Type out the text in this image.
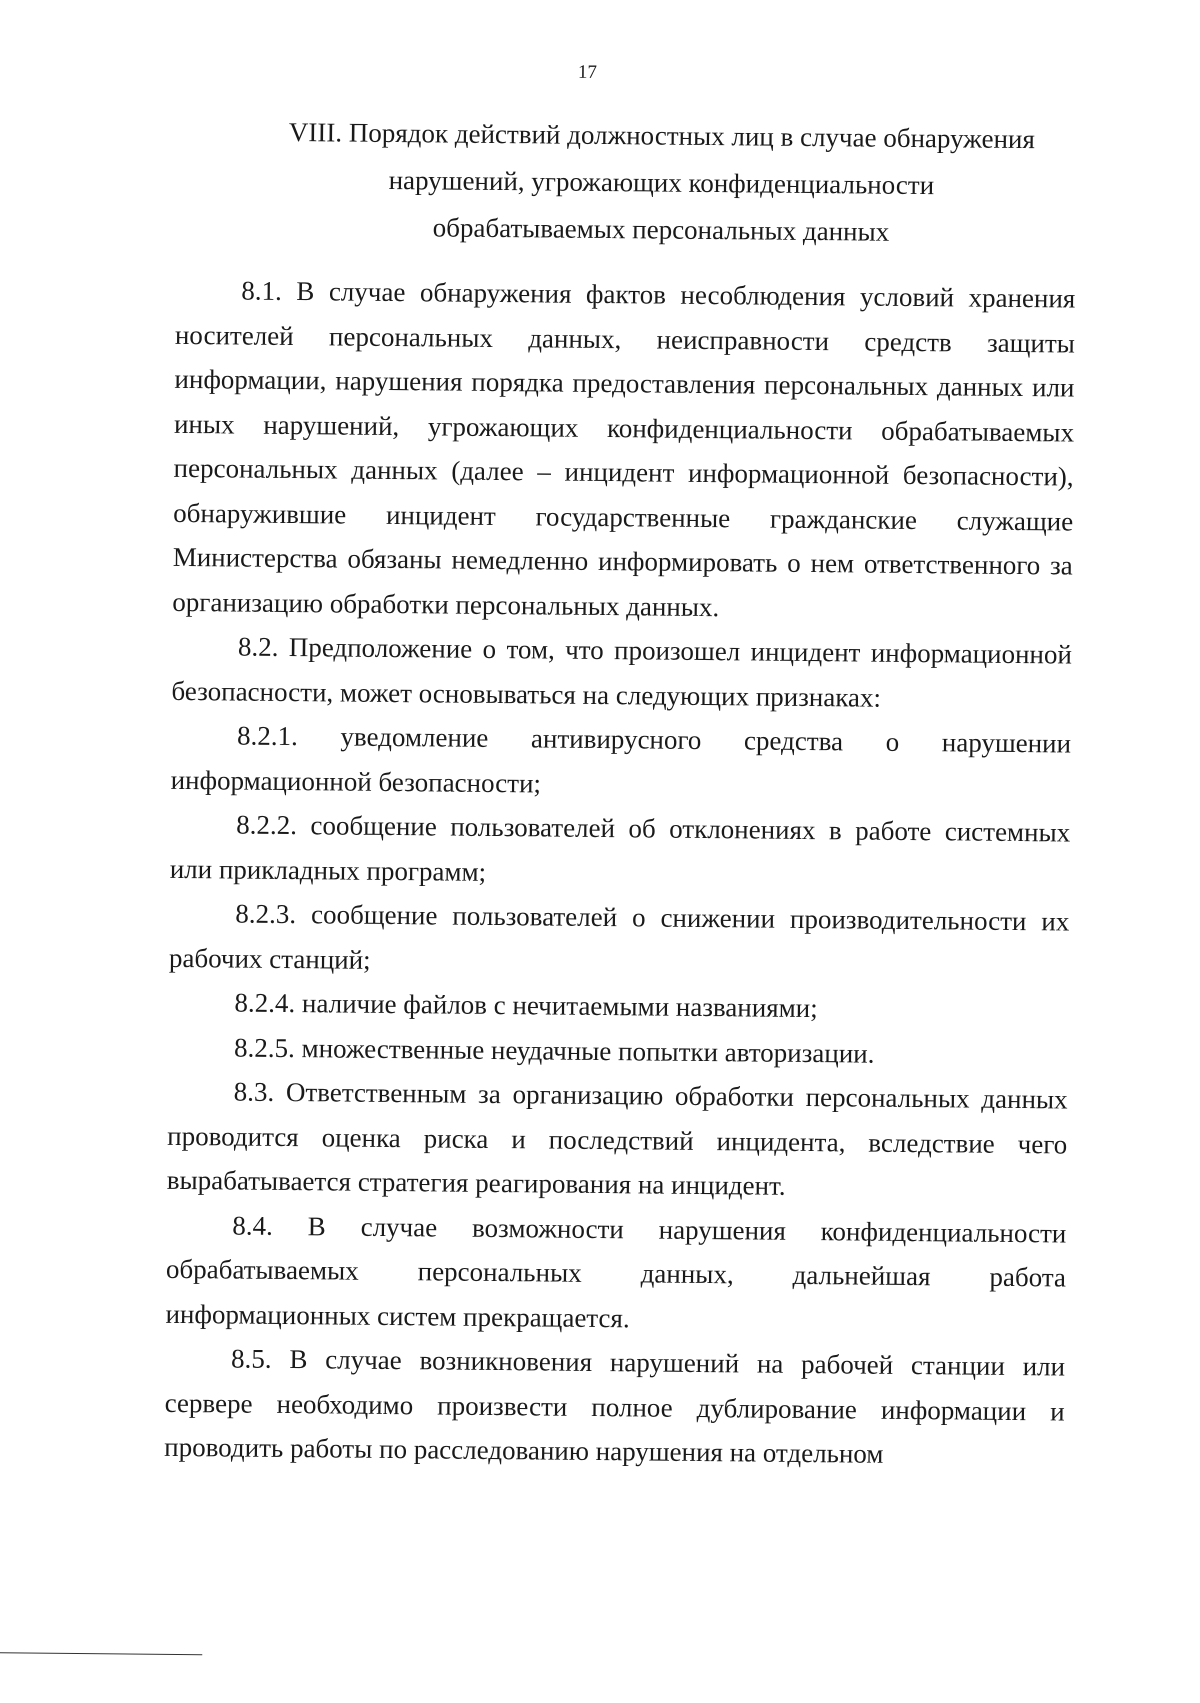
17
VIII. Порядок действий должностных лиц в случае обнаружения
нарушений, угрожающих конфиденциальности
обрабатываемых персональных данных

8.1. В случае обнаружения фактов несоблюдения условий хранения носителей персональных данных, неисправности средств защиты информации, нарушения порядка предоставления персональных данных или иных нарушений, угрожающих конфиденциальности обрабатываемых персональных данных (далее – инцидент информационной безопасности), обнаружившие инцидент государственные гражданские служащие Министерства обязаны немедленно информировать о нем ответственного за организацию обработки персональных данных.

8.2. Предположение о том, что произошел инцидент информационной безопасности, может основываться на следующих признаках:

8.2.1. уведомление антивирусного средства о нарушении информационной безопасности;

8.2.2. сообщение пользователей об отклонениях в работе системных или прикладных программ;

8.2.3. сообщение пользователей о снижении производительности их рабочих станций;

8.2.4. наличие файлов с нечитаемыми названиями;

8.2.5. множественные неудачные попытки авторизации.

8.3. Ответственным за организацию обработки персональных данных проводится оценка риска и последствий инцидента, вследствие чего вырабатывается стратегия реагирования на инцидент.

8.4. В случае возможности нарушения конфиденциальности обрабатываемых персональных данных, дальнейшая работа информационных систем прекращается.

8.5. В случае возникновения нарушений на рабочей станции или сервере необходимо произвести полное дублирование информации и проводить работы по расследованию нарушения на отдельном
